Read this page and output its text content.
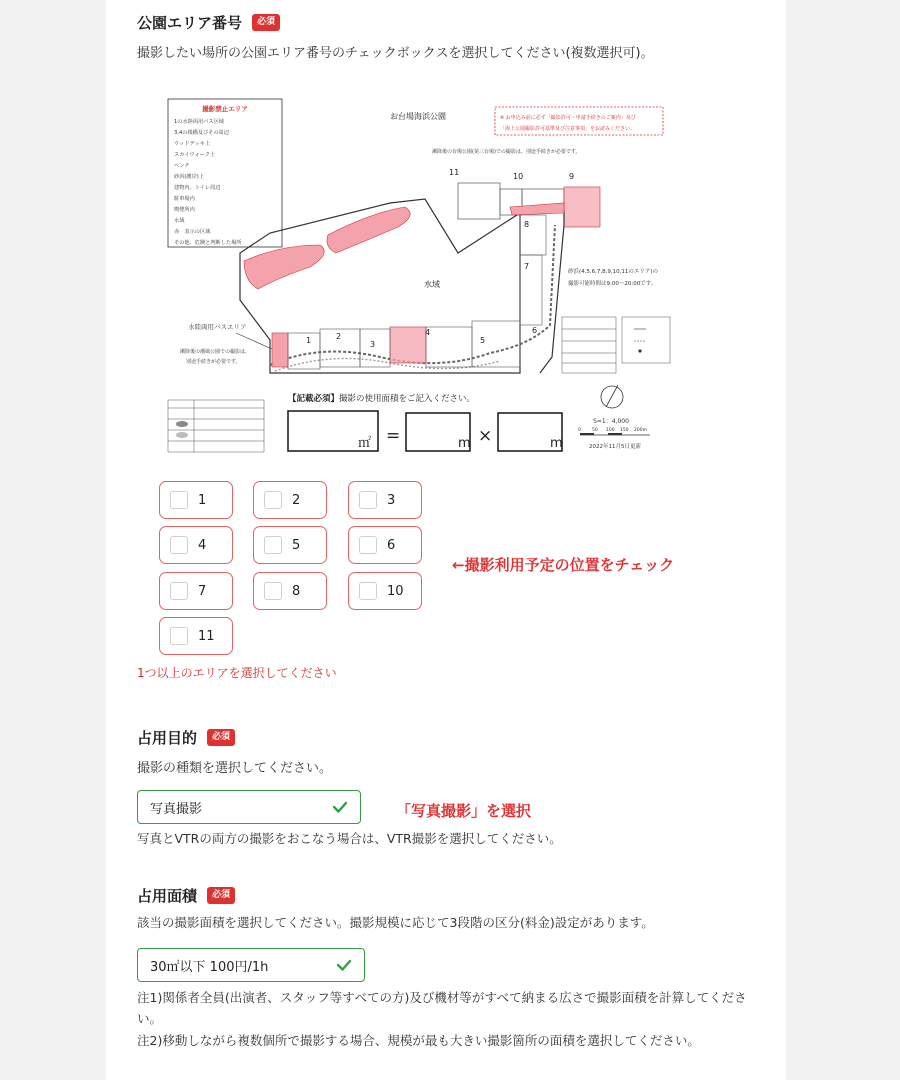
公園エリア番号	必須
撮影したい場所の公園エリア番号のチェックボックスを選択してください(複数選択可)。
撮影禁止エリア
1の水陸両用バス区域
3,4の桟橋及びその周辺
ウッドデッキ上
スカイウォーク上
ベンチ
砂浜(護岸)上
建物内、トイレ周辺
駐車場内
喫煙所内
水域
赤　表示の区域
その他、危険と判断した場所
お台場海浜公園	※ お申込み前に必ず「撮影許可・申請手続きのご案内」及び
「海上公園撮影許可基準及び注意事項」をお読みください。
瀬降後の台場公園(第三台場)での撮影は、別途手続きが必要です。
1	2
3
4
5
6
7
8
9
10
11
水域
水陸両用バスエリア
瀬降後の潮風公園での撮影は、
別途手続きが必要です。
砂浜(4,5,6,7,8,9,10,11のエリア)の
撮影可能時間は9:00〜20:00です。
【記載必須】撮影の使用面積をご記入ください。
㎡ =	m ×	m
S=1：4,000
0 50 100 150 200m
2022年11月5日更新
1	2	3
4	5	6
7	8	10
11
←撮影利用予定の位置をチェック
1つ以上のエリアを選択してください
占用目的	必須
撮影の種類を選択してください。
写真撮影	「写真撮影」を選択
写真とVTRの両方の撮影をおこなう場合は、VTR撮影を選択してください。
占用面積	必須
該当の撮影面積を選択してください。撮影規模に応じて3段階の区分(料金)設定があります。
30㎡以下 100円/1h
注1)関係者全員(出演者、スタッフ等すべての方)及び機材等がすべて納まる広さで撮影面積を計算してください。
注2)移動しながら複数個所で撮影する場合、規模が最も大きい撮影箇所の面積を選択してください。
